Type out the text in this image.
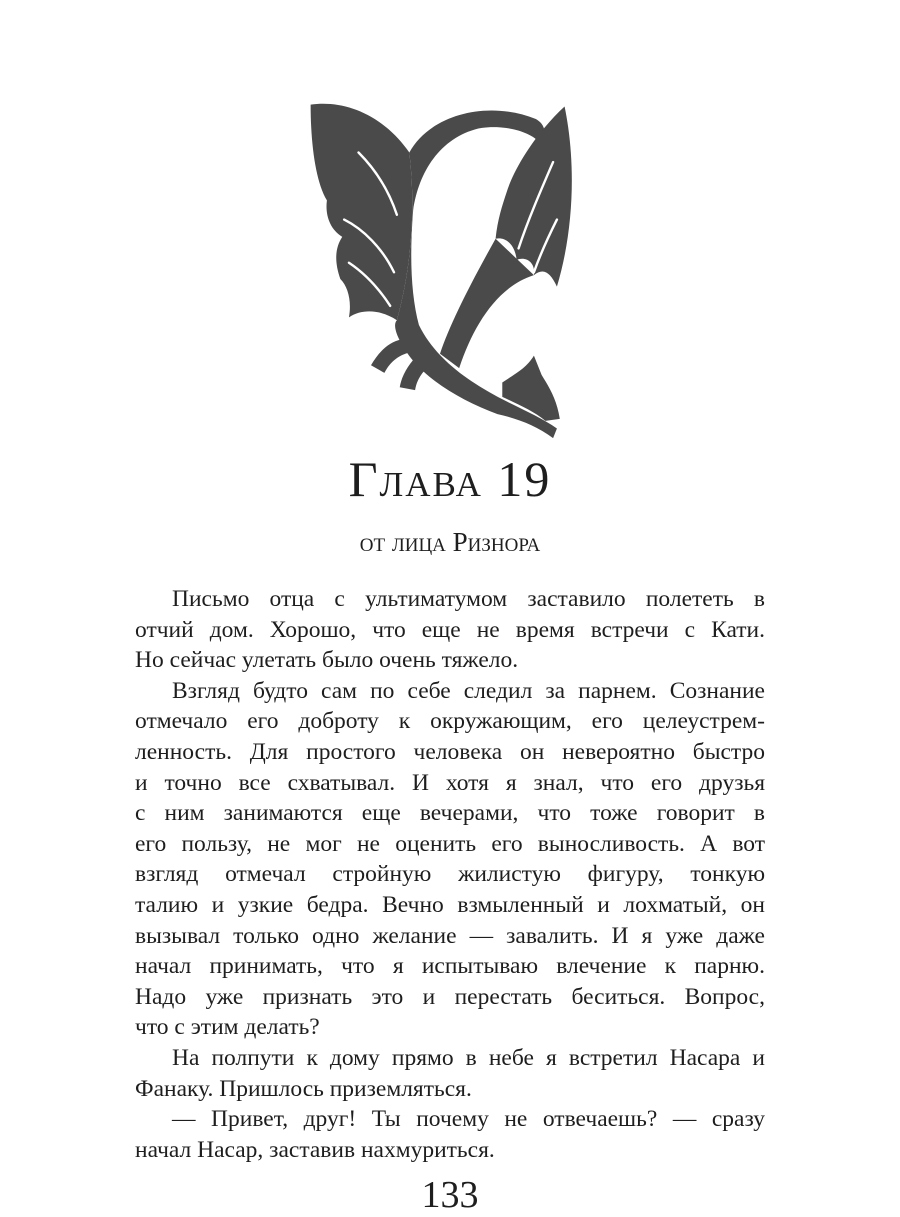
Глава 19
от лица Ризнора
Письмо отца с ультиматумом заставило полететь в
отчий дом. Хорошо, что еще не время встречи с Кати.
Но сейчас улетать было очень тяжело.
Взгляд будто сам по себе следил за парнем. Сознание
отмечало его доброту к окружающим, его целеустрем-
ленность. Для простого человека он невероятно быстро
и точно все схватывал. И хотя я знал, что его друзья
с ним занимаются еще вечерами, что тоже говорит в
его пользу, не мог не оценить его выносливость. А вот
взгляд отмечал стройную жилистую фигуру, тонкую
талию и узкие бедра. Вечно взмыленный и лохматый, он
вызывал только одно желание — завалить. И я уже даже
начал принимать, что я испытываю влечение к парню.
Надо уже признать это и перестать беситься. Вопрос,
что с этим делать?
На полпути к дому прямо в небе я встретил Насара и
Фанаку. Пришлось приземляться.
— Привет, друг! Ты почему не отвечаешь? — сразу
начал Насар, заставив нахмуриться.
133
